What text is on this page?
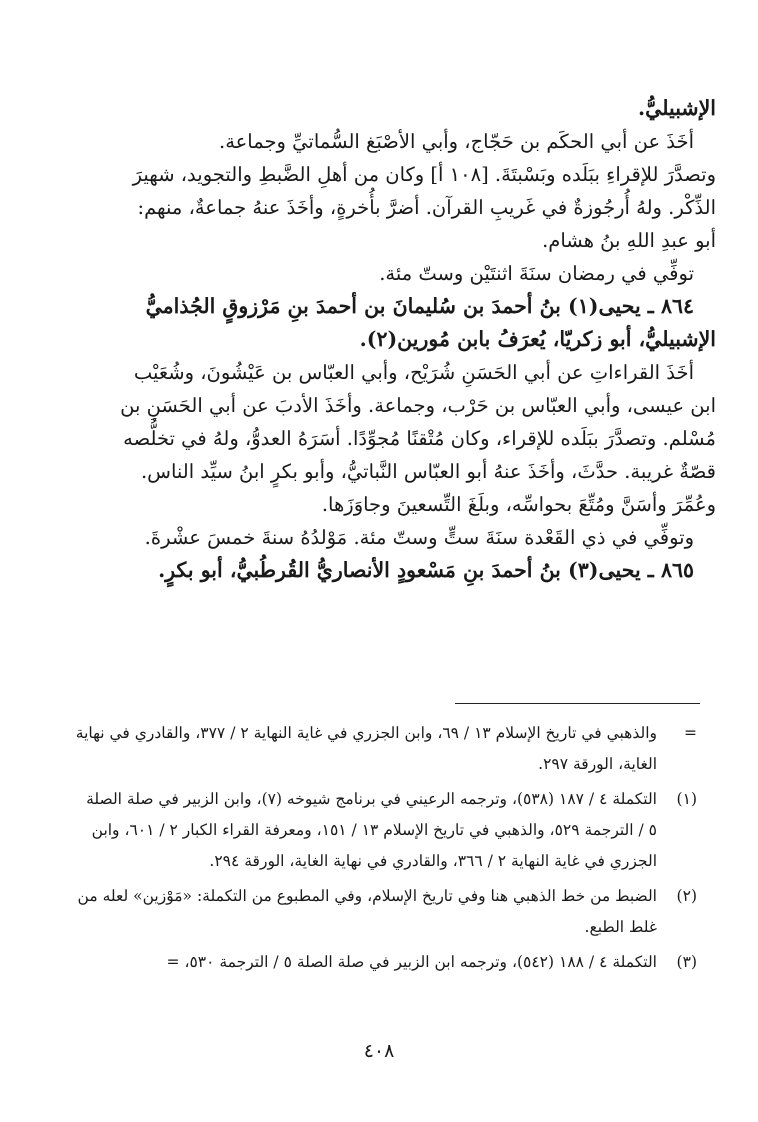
الإشبيليُّ.

أخَذَ عن أبي الحكَم بن حَجّاج، وأبي الأصْبَغ السُّماتيِّ وجماعة.

وتصدَّرَ للإقراءِ ببَلَده وبَسْبتَةَ. [١٠٨ أ] وكان من أهلِ الضَّبطِ والتجويد، شهيرَ

الذِّكْر. ولهُ أُرجُوزةٌ في غَريبِ القرآن. أضرَّ بأُخرةٍ، وأخَذَ عنهُ جماعةٌ، منهم:

أبو عبدِ اللهِ بنُ هشام.

توفِّي في رمضان سنَةَ اثنتَيْن وستّ مئة.

٨٦٤ ـ يحيى(١) بنُ أحمدَ بن سُليمانَ بن أحمدَ بنِ مَرْزوقٍ الجُذاميُّ

الإشبيليُّ، أبو زكريّا، يُعرَفُ بابن مُورين(٢).

أخَذَ القراءاتِ عن أبي الحَسَنِ شُرَيْح، وأبي العبّاس بن عَيْشُونَ، وشُعَيْب

ابن عيسى، وأبي العبّاس بن حَرْب، وجماعة. وأخَذَ الأدبَ عن أبي الحَسَنِ بن

مُسْلم. وتصدَّرَ ببَلَده للإقراء، وكان مُتْقنًا مُجوِّدًا. أسَرَهُ العدوُّ، ولهُ في تخلُّصه

قصّةٌ غريبة. حدَّثَ، وأخَذَ عنهُ أبو العبّاس النَّباتيُّ، وأبو بكرٍ ابنُ سيِّد الناس.

وعُمِّرَ وأسَنَّ ومُتِّعَ بحواسِّه، وبلَغَ التِّسعينَ وجاوَزَها.

وتوفِّي في ذي القَعْدة سنَةَ ستٍّ وستّ مئة. مَوْلدُهُ سنةَ خمسَ عشْرةَ.

٨٦٥ ـ يحيى(٣) بنُ أحمدَ بنِ مَسْعودٍ الأنصاريُّ القُرطُبيُّ، أبو بكرٍ.

=
والذهبي في تاريخ الإسلام ١٣ / ٦٩، وابن الجزري في غاية النهاية ٢ / ٣٧٧، والقادري في نهاية الغاية، الورقة ٢٩٧.
(١)
التكملة ٤ / ١٨٧ (٥٣٨)، وترجمه الرعيني في برنامج شيوخه (٧)، وابن الزبير في صلة الصلة ٥ / الترجمة ٥٢٩، والذهبي في تاريخ الإسلام ١٣ / ١٥١، ومعرفة القراء الكبار ٢ / ٦٠١، وابن الجزري في غاية النهاية ٢ / ٣٦٦، والقادري في نهاية الغاية، الورقة ٢٩٤.
(٢)
الضبط من خط الذهبي هنا وفي تاريخ الإسلام، وفي المطبوع من التكملة: «مَوْزين» لعله من غلط الطبع.
(٣)
التكملة ٤ / ١٨٨ (٥٤٢)، وترجمه ابن الزبير في صلة الصلة ٥ / الترجمة ٥٣٠، =
٤٠٨
